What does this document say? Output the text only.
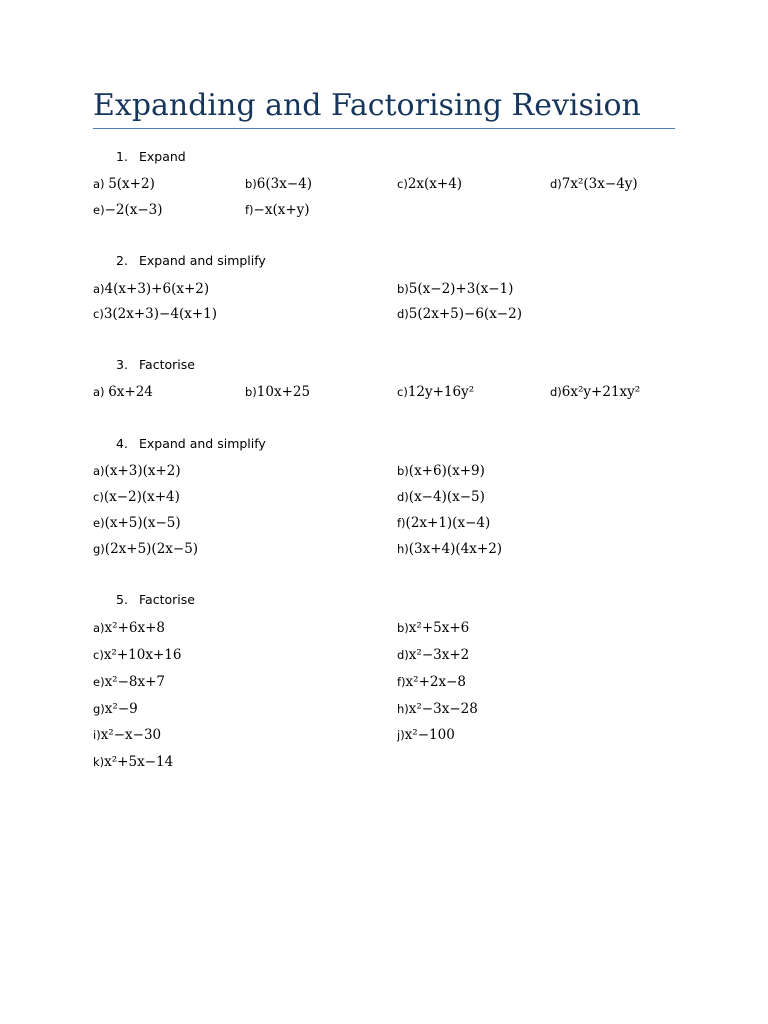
Expanding and Factorising Revision
1. Expand
a) 5(x+2)	b)6(3x−4)	c)2x(x+4)	d)7x²(3x−4y)
e)−2(x−3)	f)−x(x+y)
2. Expand and simplify
a)4(x+3)+6(x+2)	b)5(x−2)+3(x−1)
c)3(2x+3)−4(x+1)	d)5(2x+5)−6(x−2)
3. Factorise
a) 6x+24	b)10x+25	c)12y+16y²	d)6x²y+21xy²
4. Expand and simplify
a)(x+3)(x+2)	b)(x+6)(x+9)
c)(x−2)(x+4)	d)(x−4)(x−5)
e)(x+5)(x−5)	f)(2x+1)(x−4)
g)(2x+5)(2x−5)	h)(3x+4)(4x+2)
5. Factorise
a)x²+6x+8	b)x²+5x+6
c)x²+10x+16	d)x²−3x+2
e)x²−8x+7	f)x²+2x−8
g)x²−9	h)x²−3x−28
i)x²−x−30	j)x²−100
k)x²+5x−14
